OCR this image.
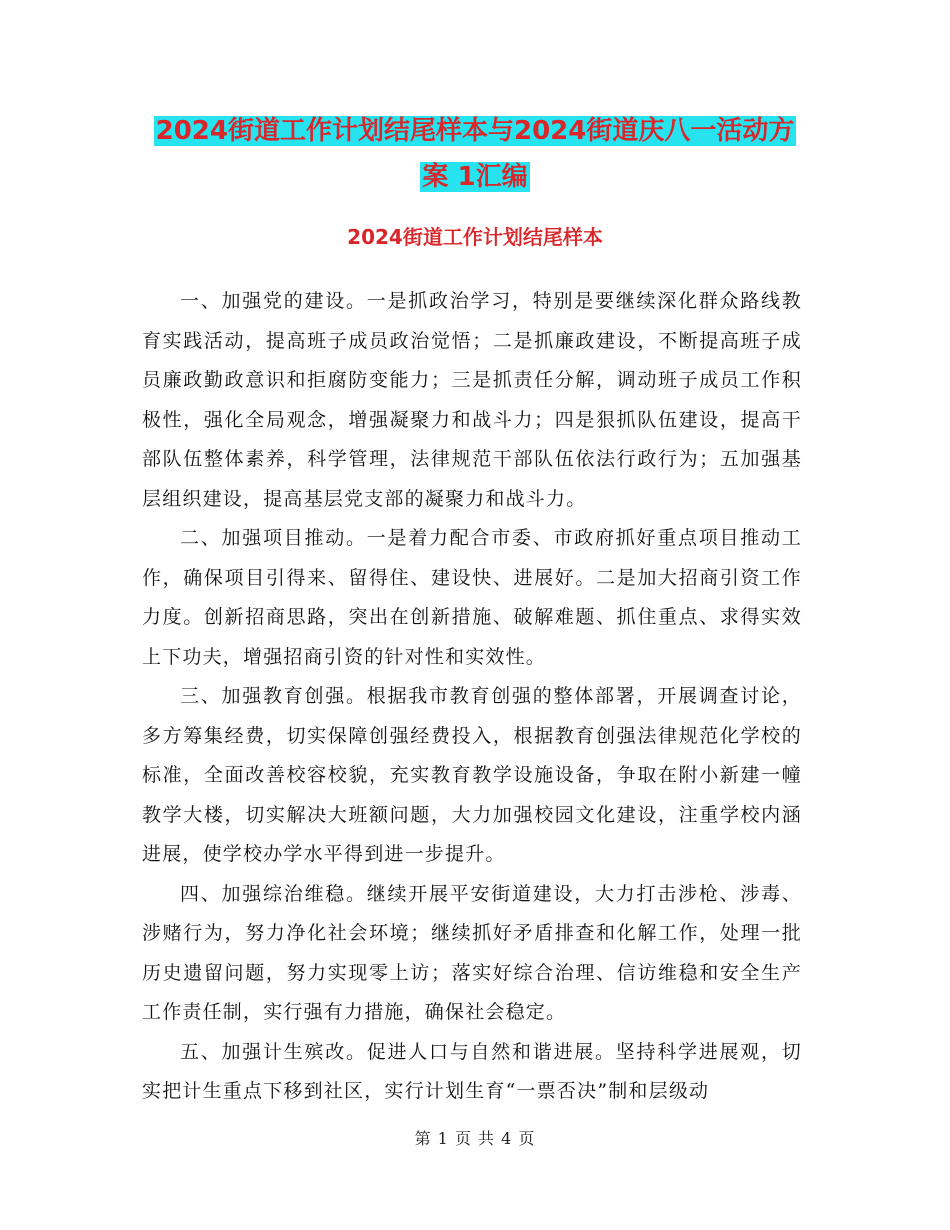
2024街道工作计划结尾样本与2024街道庆八一活动方
案 1汇编
2024街道工作计划结尾样本

一、加强党的建设。一是抓政治学习，特别是要继续深化群众路线教育实践活动，提高班子成员政治觉悟；二是抓廉政建设，不断提高班子成员廉政勤政意识和拒腐防变能力；三是抓责任分解，调动班子成员工作积极性，强化全局观念，增强凝聚力和战斗力；四是狠抓队伍建设，提高干部队伍整体素养，科学管理，法律规范干部队伍依法行政行为；五加强基层组织建设，提高基层党支部的凝聚力和战斗力。

二、加强项目推动。一是着力配合市委、市政府抓好重点项目推动工作，确保项目引得来、留得住、建设快、进展好。二是加大招商引资工作力度。创新招商思路，突出在创新措施、破解难题、抓住重点、求得实效上下功夫，增强招商引资的针对性和实效性。

三、加强教育创强。根据我市教育创强的整体部署，开展调查讨论，多方筹集经费，切实保障创强经费投入，根据教育创强法律规范化学校的标准，全面改善校容校貌，充实教育教学设施设备，争取在附小新建一幢教学大楼，切实解决大班额问题，大力加强校园文化建设，注重学校内涵进展，使学校办学水平得到进一步提升。

四、加强综治维稳。继续开展平安街道建设，大力打击涉枪、涉毒、涉赌行为，努力净化社会环境；继续抓好矛盾排查和化解工作，处理一批历史遗留问题，努力实现零上访；落实好综合治理、信访维稳和安全生产工作责任制，实行强有力措施，确保社会稳定。

五、加强计生殡改。促进人口与自然和谐进展。坚持科学进展观，切实把计生重点下移到社区，实行计划生育“一票否决”制和层级动

第 1 页 共 4 页
